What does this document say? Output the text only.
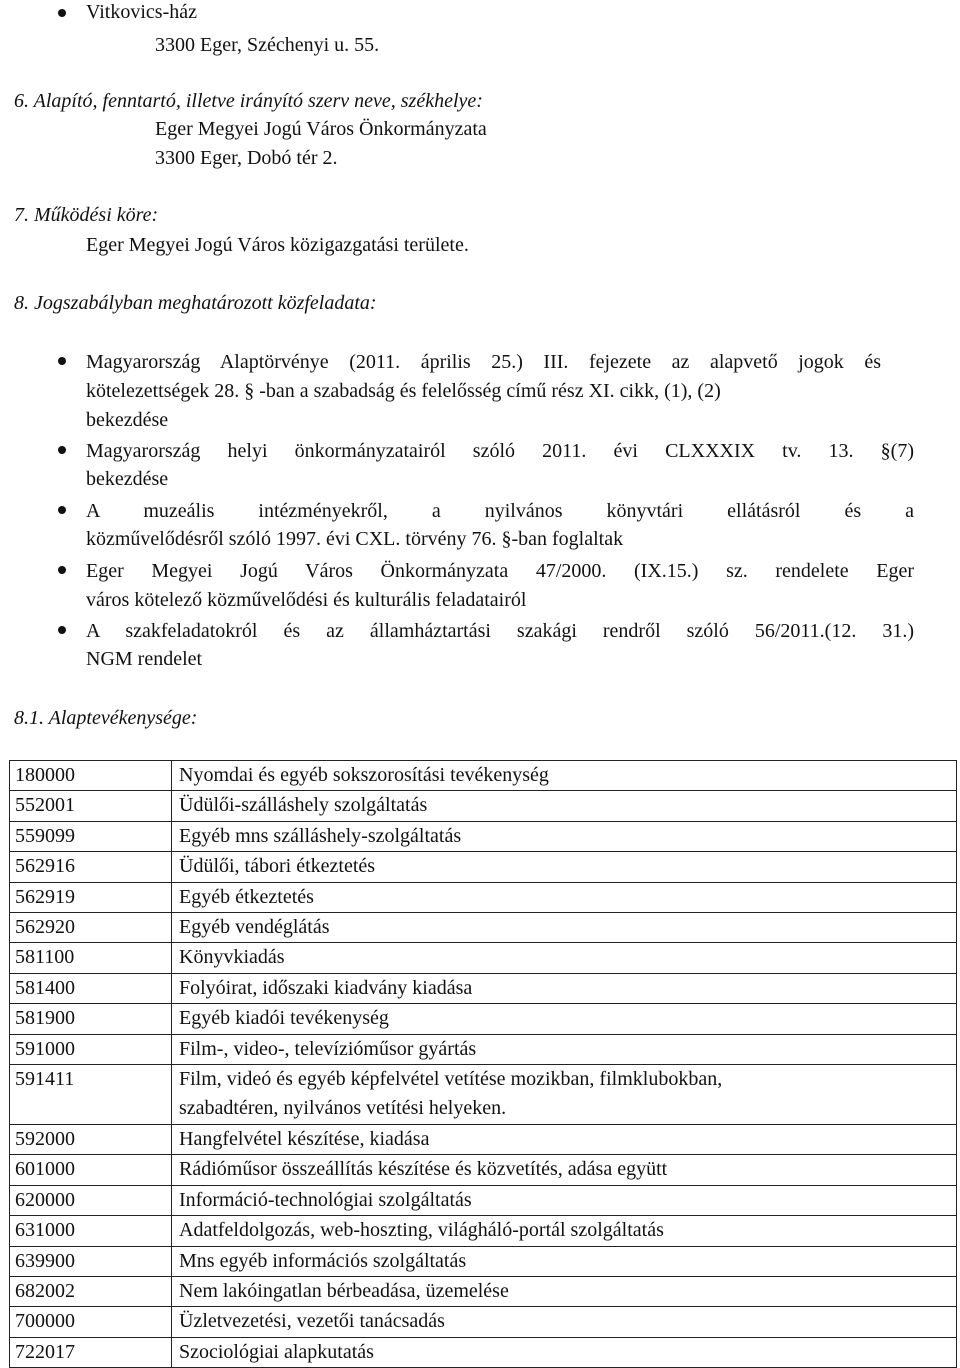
Vitkovics-ház
3300 Eger, Széchenyi u. 55.
6. Alapító, fenntartó, illetve irányító szerv neve, székhelye:
Eger Megyei Jogú Város Önkormányzata
3300 Eger, Dobó tér 2.
7. Működési köre:
Eger Megyei Jogú Város közigazgatási területe.
8. Jogszabályban meghatározott közfeladata:
Magyarország Alaptörvénye (2011. április 25.) III. fejezete az alapvető jogok és
kötelezettségek 28. § -ban a szabadság és felelősség című rész XI. cikk, (1), (2)
bekezdése
Magyarország helyi önkormányzatairól szóló 2011. évi CLXXXIX tv. 13. §(7)
bekezdése
A muzeális intézményekről, a nyilvános könyvtári ellátásról és a
közművelődésről szóló 1997. évi CXL. törvény 76. §-ban foglaltak
Eger Megyei Jogú Város Önkormányzata 47/2000. (IX.15.) sz. rendelete Eger
város kötelező közművelődési és kulturális feladatairól
A szakfeladatokról és az államháztartási szakági rendről szóló 56/2011.(12. 31.)
NGM rendelet
8.1. Alaptevékenysége:
180000	Nyomdai és egyéb sokszorosítási tevékenység
552001	Üdülői-szálláshely szolgáltatás
559099	Egyéb mns szálláshely-szolgáltatás
562916	Üdülői, tábori étkeztetés
562919	Egyéb étkeztetés
562920	Egyéb vendéglátás
581100	Könyvkiadás
581400	Folyóirat, időszaki kiadvány kiadása
581900	Egyéb kiadói tevékenység
591000	Film-, video-, televízióműsor gyártás
591411	Film, videó és egyéb képfelvétel vetítése mozikban, filmklubokban,
szabadtéren, nyilvános vetítési helyeken.

592000	Hangfelvétel készítése, kiadása
601000	Rádióműsor összeállítás készítése és közvetítés, adása együtt
620000	Információ-technológiai szolgáltatás
631000	Adatfeldolgozás, web-hoszting, világháló-portál szolgáltatás
639900	Mns egyéb információs szolgáltatás
682002	Nem lakóingatlan bérbeadása, üzemelése
700000	Üzletvezetési, vezetői tanácsadás
722017	Szociológiai alapkutatás
